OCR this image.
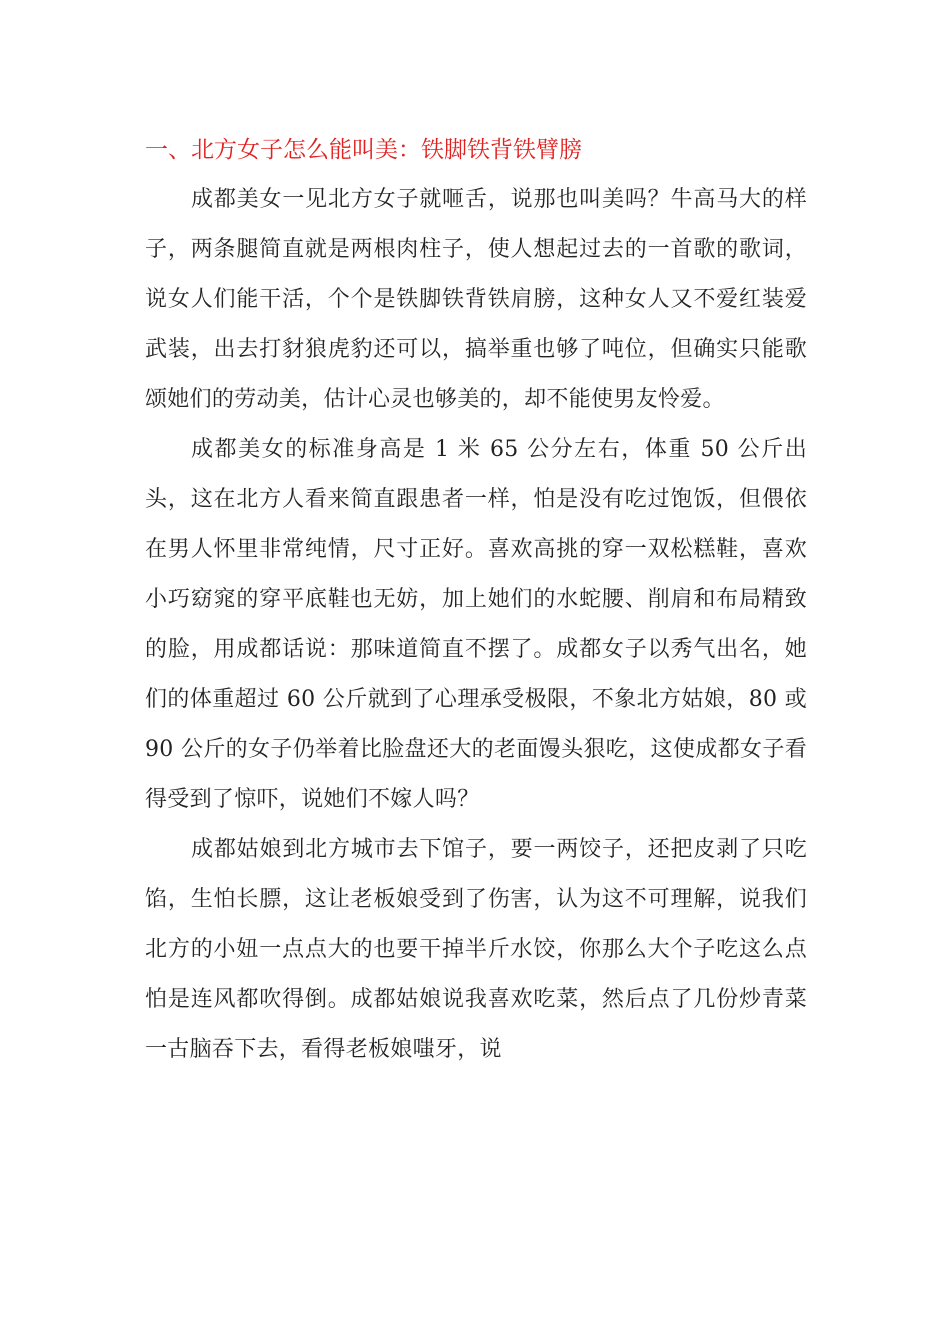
一、北方女子怎么能叫美：铁脚铁背铁臂膀

成都美女一见北方女子就咂舌，说那也叫美吗？牛高马大的样子，两条腿简直就是两根肉柱子，使人想起过去的一首歌的歌词，说女人们能干活，个个是铁脚铁背铁肩膀，这种女人又不爱红装爱武装，出去打豺狼虎豹还可以，搞举重也够了吨位，但确实只能歌颂她们的劳动美，估计心灵也够美的，却不能使男友怜爱。

成都美女的标准身高是 1 米 65 公分左右，体重 50 公斤出头，这在北方人看来简直跟患者一样，怕是没有吃过饱饭，但偎依在男人怀里非常纯情，尺寸正好。喜欢高挑的穿一双松糕鞋，喜欢小巧窈窕的穿平底鞋也无妨，加上她们的水蛇腰、削肩和布局精致的脸，用成都话说：那味道简直不摆了。成都女子以秀气出名，她们的体重超过 60 公斤就到了心理承受极限，不象北方姑娘，80 或 90 公斤的女子仍举着比脸盘还大的老面馒头狠吃，这使成都女子看得受到了惊吓，说她们不嫁人吗？

成都姑娘到北方城市去下馆子，要一两饺子，还把皮剥了只吃馅，生怕长膘，这让老板娘受到了伤害，认为这不可理解，说我们北方的小妞一点点大的也要干掉半斤水饺，你那么大个子吃这么点怕是连风都吹得倒。成都姑娘说我喜欢吃菜，然后点了几份炒青菜一古脑吞下去，看得老板娘嗤牙，说
